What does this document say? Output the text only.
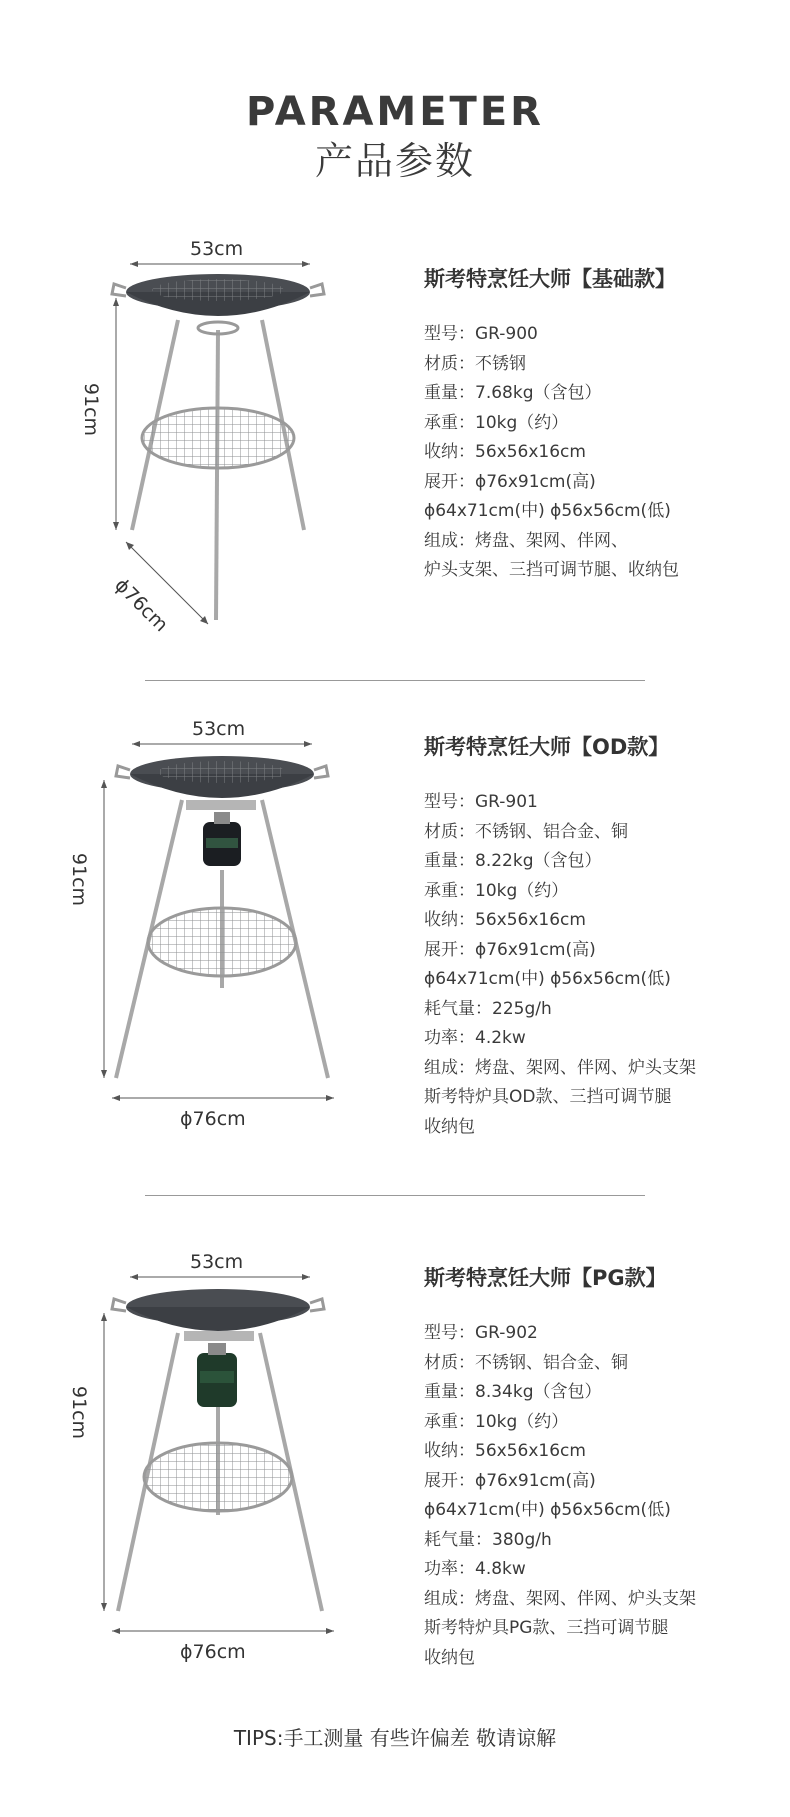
PARAMETER
产品参数
53cm
91cm
ϕ76cm
斯考特烹饪大师【基础款】
型号：GR-900
材质：不锈钢
重量：7.68kg（含包）
承重：10kg（约）
收纳：56x56x16cm
展开：ϕ76x91cm(高)
ϕ64x71cm(中) ϕ56x56cm(低)
组成：烤盘、架网、伴网、
炉头支架、三挡可调节腿、收纳包
53cm
91cm
ϕ76cm
斯考特烹饪大师【OD款】
型号：GR-901
材质：不锈钢、铝合金、铜
重量：8.22kg（含包）
承重：10kg（约）
收纳：56x56x16cm
展开：ϕ76x91cm(高)
ϕ64x71cm(中) ϕ56x56cm(低)
耗气量：225g/h
功率：4.2kw
组成：烤盘、架网、伴网、炉头支架
斯考特炉具OD款、三挡可调节腿
收纳包
53cm
91cm
ϕ76cm
斯考特烹饪大师【PG款】
型号：GR-902
材质：不锈钢、铝合金、铜
重量：8.34kg（含包）
承重：10kg（约）
收纳：56x56x16cm
展开：ϕ76x91cm(高)
ϕ64x71cm(中) ϕ56x56cm(低)
耗气量：380g/h
功率：4.8kw
组成：烤盘、架网、伴网、炉头支架
斯考特炉具PG款、三挡可调节腿
收纳包
TIPS:手工测量 有些许偏差 敬请谅解
